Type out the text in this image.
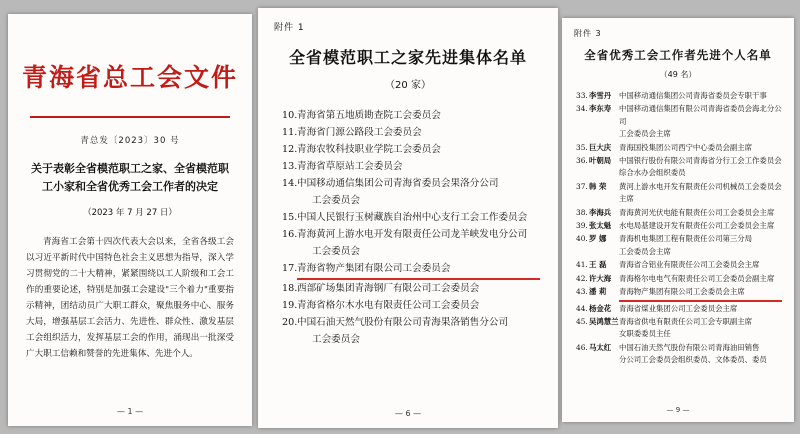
青海省总工会文件
青总发〔2023〕30 号
关于表彰全省模范职工之家、全省模范职工小家和全省优秀工会工作者的决定
（2023 年 7 月 27 日）

青海省工会第十四次代表大会以来，全省各级工会以习近平新时代中国特色社会主义思想为指导，深入学习贯彻党的二十大精神，紧紧围绕以工人阶级和工会工作的重要论述，特别是加强工会建设"三个着力"重要指示精神，团结动员广大职工群众，聚焦服务中心、服务大局，增强基层工会活力、先进性、群众性、激发基层工会组织活力，发挥基层工会的作用，涌现出一批深受广大职工信赖和赞誉的先进集体、先进个人。

— 1 —
附件 1
全省模范职工之家先进集体名单
（20 家）
10. 青海省第五地质勘查院工会委员会
11. 青海省门源公路段工会委员会
12. 青海农牧科技职业学院工会委员会
13. 青海省草原站工会委员会
14. 中国移动通信集团公司青海省委员会果洛分公司
工会委员会
15. 中国人民银行玉树藏族自治州中心支行工会工作委员会
16. 青海黄河上游水电开发有限责任公司龙羊峡发电分公司
工会委员会
17. 青海省物产集团有限公司工会委员会
18. 西部矿场集团青海钢厂有限公司工会委员会
19. 青海省格尔木水电有限责任公司工会委员会
20. 中国石油天然气股份有限公司青海果洛销售分公司
工会委员会
— 6 —
附件 3
全省优秀工会工作者先进个人名单
（49 名）
33. 李雪丹	中国移动通信集团公司青海省委员会专职干事
34. 李东寿	中国移动通信集团有限公司青海省委员会海北分公司
工会委员会主席
35. 巨大庆	青海国投集团公司西宁中心委员会副主席
36. 叶朝局	中国银行股份有限公司青海省分行工会工作委员会
综合水办会组织委员
37. 韩 荣	黄河上游水电开发有限责任公司机械员工会委员会主席
38. 李海兵	青海黄河光伏电能有限责任公司工会委员会主席
39. 张太魁	水电局基建设开发有限责任公司工会委员会主席
40. 罗 娜	青海机电集团工程有限责任公司第三分局
工会委员会主席
41. 王 磊	青海省合铝业有限责任公司工会委员会主席
42. 许大海	青海格尔电电气有限责任公司工会委员会副主席
43. 潘 莉	青海物产集团有限公司工会委员会主席
44. 杨金花	青海省煤业集团公司工会委员会主席
45. 吴鸿慧兰 青海省供电有限责任公司工会专职副主席
女职委委员主任
46. 马太红	中国石油天然气股份有限公司青海油田销售
分公司工会委员会组织委员、文体委员、委员
— 9 —
